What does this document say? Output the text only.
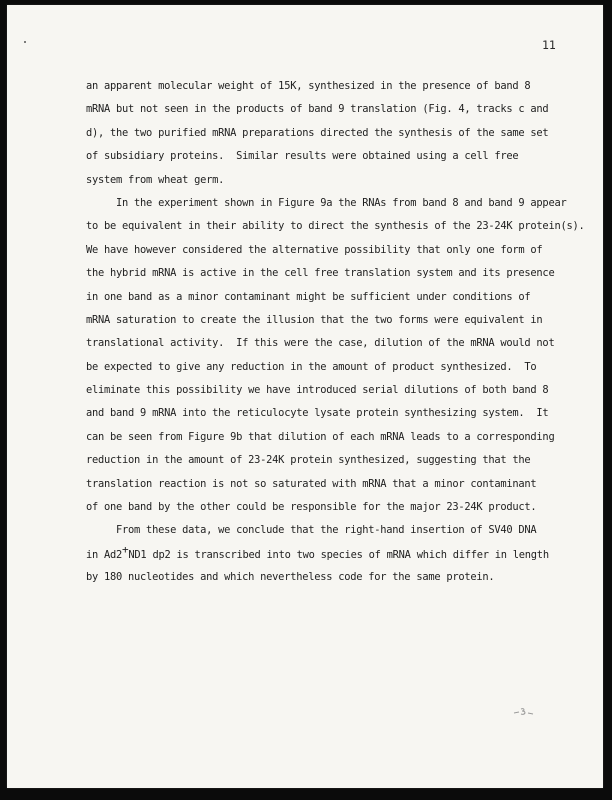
11
an apparent molecular weight of 15K, synthesized in the presence of band 8
mRNA but not seen in the products of band 9 translation (Fig. 4, tracks c and
d), the two purified mRNA preparations directed the synthesis of the same set
of subsidiary proteins.  Similar results were obtained using a cell free
system from wheat germ.
In the experiment shown in Figure 9a the RNAs from band 8 and band 9 appear
to be equivalent in their ability to direct the synthesis of the 23-24K protein(s).
We have however considered the alternative possibility that only one form of
the hybrid mRNA is active in the cell free translation system and its presence
in one band as a minor contaminant might be sufficient under conditions of
mRNA saturation to create the illusion that the two forms were equivalent in
translational activity.  If this were the case, dilution of the mRNA would not
be expected to give any reduction in the amount of product synthesized.  To
eliminate this possibility we have introduced serial dilutions of both band 8
and band 9 mRNA into the reticulocyte lysate protein synthesizing system.  It
can be seen from Figure 9b that dilution of each mRNA leads to a corresponding
reduction in the amount of 23-24K protein synthesized, suggesting that the
translation reaction is not so saturated with mRNA that a minor contaminant
of one band by the other could be responsible for the major 23-24K product.
From these data, we conclude that the right-hand insertion of SV40 DNA
in Ad2+ND1 dp2 is transcribed into two species of mRNA which differ in length
by 180 nucleotides and which nevertheless code for the same protein.
